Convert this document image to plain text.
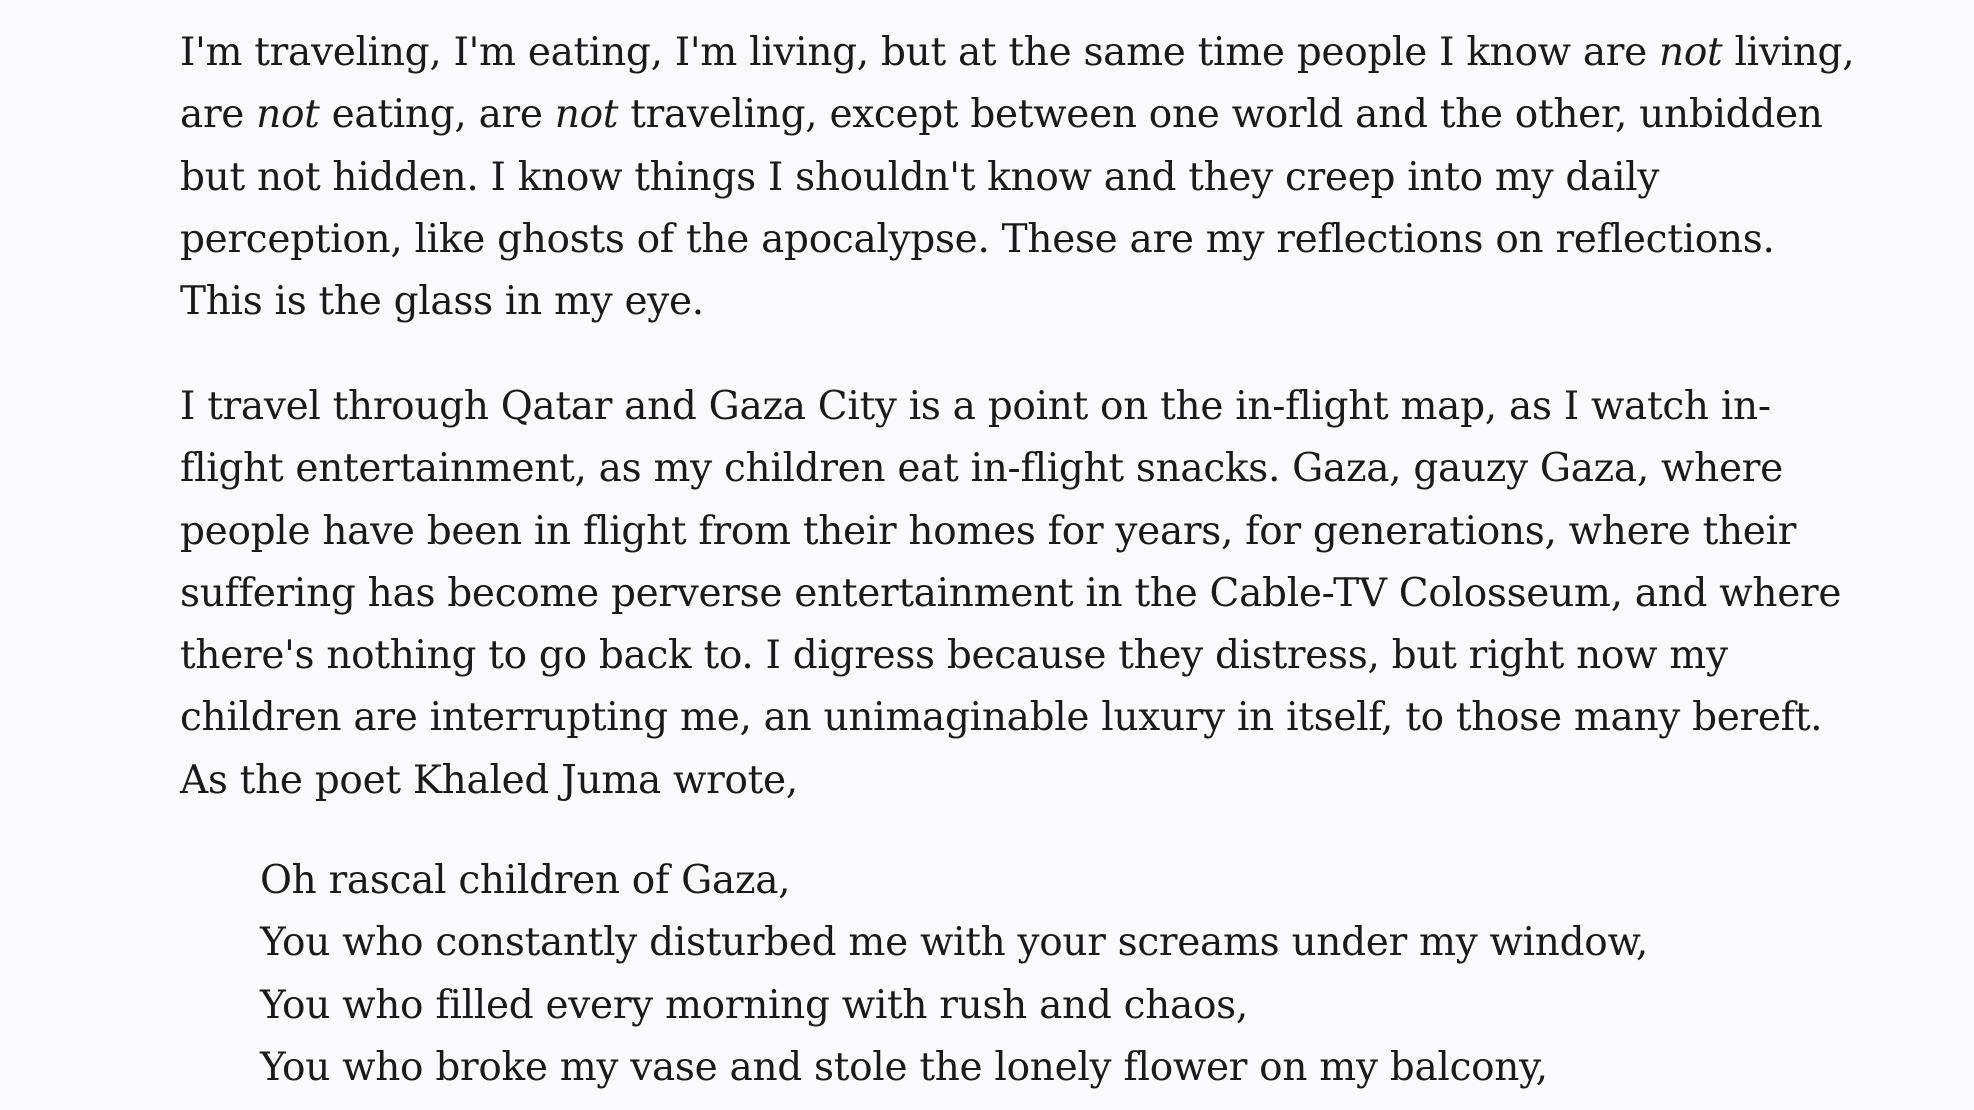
I'm traveling, I'm eating, I'm living, but at the same time people I know are not living,
are not eating, are not traveling, except between one world and the other, unbidden
but not hidden. I know things I shouldn't know and they creep into my daily
perception, like ghosts of the apocalypse. These are my reflections on reflections.
This is the glass in my eye.

I travel through Qatar and Gaza City is a point on the in-flight map, as I watch in-
flight entertainment, as my children eat in-flight snacks. Gaza, gauzy Gaza, where
people have been in flight from their homes for years, for generations, where their
suffering has become perverse entertainment in the Cable-TV Colosseum, and where
there's nothing to go back to. I digress because they distress, but right now my
children are interrupting me, an unimaginable luxury in itself, to those many bereft.
As the poet Khaled Juma wrote,

Oh rascal children of Gaza,
You who constantly disturbed me with your screams under my window,
You who filled every morning with rush and chaos,
You who broke my vase and stole the lonely flower on my balcony,
